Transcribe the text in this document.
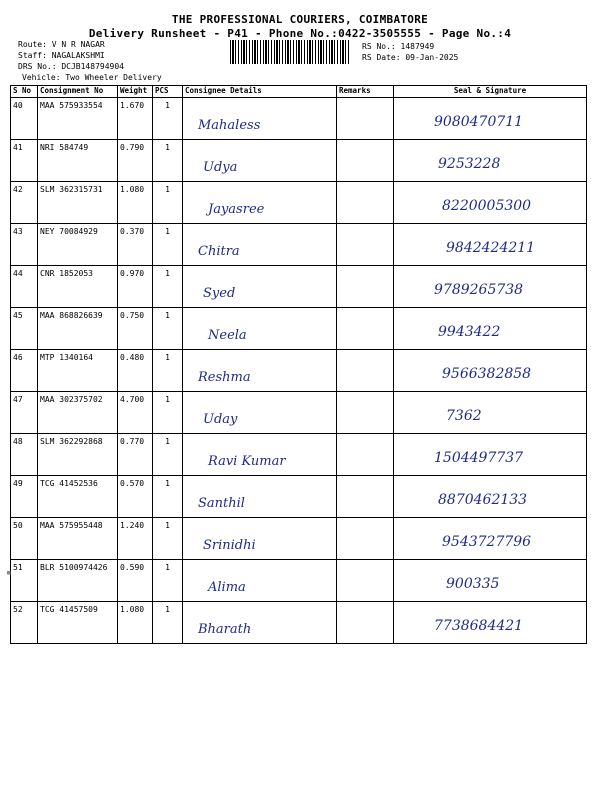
THE PROFESSIONAL COURIERS, COIMBATORE
Delivery Runsheet - P41 - Phone No.:0422-3505555 - Page No.:4
Route: V N R NAGAR
Staff: NAGALAKSHMI
DRS No.: DCJB148794904
Vehicle: Two Wheeler Delivery
RS No.: 1487949
RS Date: 09-Jan-2025
S No	Consignment No	Weight	PCS	Consignee Details	Remarks	Seal & Signature
40	MAA 575933554	1.670	1	Mahaless		9080470711

41	NRI 584749	0.790	1	Udya		9253228

42	SLM 362315731	1.080	1	Jayasree		8220005300

43	NEY 70084929	0.370	1	Chitra		9842424211

44	CNR 1852053	0.970	1	Syed		9789265738

45	MAA 868826639	0.750	1	Neela		9943422

46	MTP 1340164	0.480	1	Reshma		9566382858

47	MAA 302375702	4.700	1	Uday		7362

48	SLM 362292868	0.770	1	Ravi Kumar		1504497737

49	TCG 41452536	0.570	1	Santhil		8870462133

50	MAA 575955448	1.240	1	Srinidhi		9543727796

51	BLR 5100974426	0.590	1	Alima		900335

52	TCG 41457509	1.080	1	Bharath		7738684421
▪
